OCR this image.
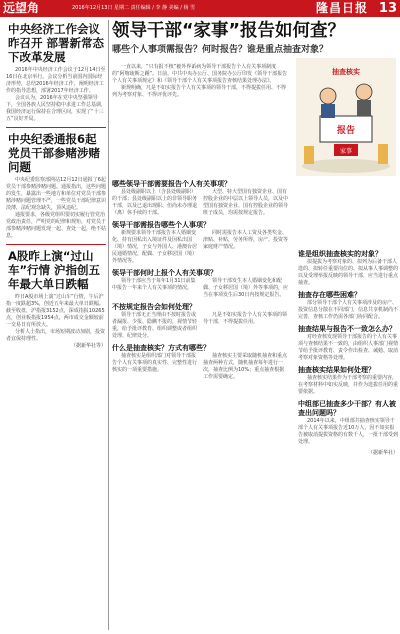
远望角	2016年12月13日 星期二 责任编辑 / 李 静 美编 / 杨 雪	隆昌日报 13
中央经济工作会议昨召开 部署新常态下改革发展
2016年中央经济工作会议于12月14日至16日在北京举行。会议分析当前国内国际经济形势，总结2016年经济工作，阐明经济工作的指导思想，部署2017年经济工作。
会议认为，2016年在党中央坚强领导下，全国各族人民坚持稳中求进工作总基调，我国经济运行保持在合理区间，实现了“十三五”良好开局。
中央纪委通报6起党员干部参赌涉赌问题
中央纪委监察部网站12月12日通报了6起党员干部参赌涉赌问题。通报指出，这些问题的发生，暴露出一些地方和单位对党员干部参赌涉赌问题管理不严，一些党员干部纪律意识淡薄，法纪观念缺失，顶风违纪。
通报要求，各级党组织要切实履行管党治党政治责任，严明党的纪律和规矩，对党员干部参赌涉赌问题发现一起、查处一起，绝不姑息。
A股昨上演“过山车”行情 沪指创五年最大单日跌幅
昨日A股市场上演“过山车”行情，午后沪指一度跌超3%，创近五年来最大单日跌幅。截至收盘，沪指报3152点，深成指报10265点，创业板指报1954点，两市成交金额较前一交易日有所放大。
分析人士指出，市场短期波动加剧，投资者宜保持理性。
（据新华社等）
领导干部“家事”报告如何查？
哪些个人事项需报告？何时报告？谁是重点抽查对象？
一直以来，“只有报不核”被外界诟病为领导干部报告个人有关事项制度的“阿喀琉斯之踵”。日前，中共中央办公厅、国务院办公厅印发《领导干部报告个人有关事项规定》和《领导干部个人有关事项报告查核结果处理办法》。
新规明确，凡是不如实报告个人有关事项的领导干部，不得提拔任用、不得列为考察对象、不得评优评先。
报告
家事
抽查核实
哪些领导干部需要报告个人有关事项？
县处级副职以上（含县处级副职）的干部；县处级副职以上的非领导职务干部，以及已退出现职、但尚未办理退（离）休手续的干部。
大型、特大型国有独资企业、国有控股企业的中层以上领导人员，以及中型国有独资企业、国有控股企业的领导班子成员，均需按规定报告。
领导干部需报告哪些个人事项？
新规要求领导干部报告本人婚姻变化、持有因私出入境证件及因私出国（境）情况，子女与外国人、港澳台居民通婚情况，配偶、子女移居国（境）外情况等。
同时需报告本人工资及各类奖金、津贴、补贴，劳务所得，房产、投资等家庭财产情况。
领导干部何时上报个人有关事项？
领导干部应当于每年1月31日前集中报告一年来个人有关事项的情况。
领导干部发生本人婚姻变化和配偶、子女移居国（境）外等事项的，应当在事项发生后30日内按规定报告。
不按规定报告会如何处理？
领导干部无正当理由不按时报告或者漏报、少报、隐瞒不报的，视情节轻重，给予批评教育、组织调整或者组织处理、纪律处分。
凡是不如实报告个人有关事项的领导干部，不得提拔任用。
什么是抽查核实？方式有哪些？
抽查核实是组织部门对领导干部报告个人有关事项的真实性、完整性进行核实的一项重要措施。
抽查核实主要采取随机抽查和重点抽查两种方式，随机抽查每年进行一次，抽查比例为10%；重点抽查根据工作需要确定。
谁是组织抽查核实的对象？
拟提拔为考察对象的、拟列为后备干部人选的、拟转任重要岗位的、拟从事人事调整的以及受理举报反映的领导干部，应当进行重点抽查。
抽查存在哪些困难？
部分领导干部个人有关事项涉及的房产、投资信息分散在不同部门，信息共享机制尚不完善，查核工作仍需各部门协同配合。
抽查结果与报告不一致怎么办？
对经查核发现领导干部报告的个人有关事项与查核结果不一致的，由组织人事部门视情节给予批评教育、责令作出检查、诫勉、取消考察对象资格等处理。
抽查核实结果如何处理？
抽查核实结果作为干部考察的重要内容，在考察材料中如实反映，并作为选拔任用的重要依据。
中组部已抽查多少干部？有人被查出问题吗？
2014年以来，中组部共抽查核实领导干部个人有关事项报告近10万人，因不如实报告被取消提拔资格的有数千人，一批干部受到处理。
（据新华社）
